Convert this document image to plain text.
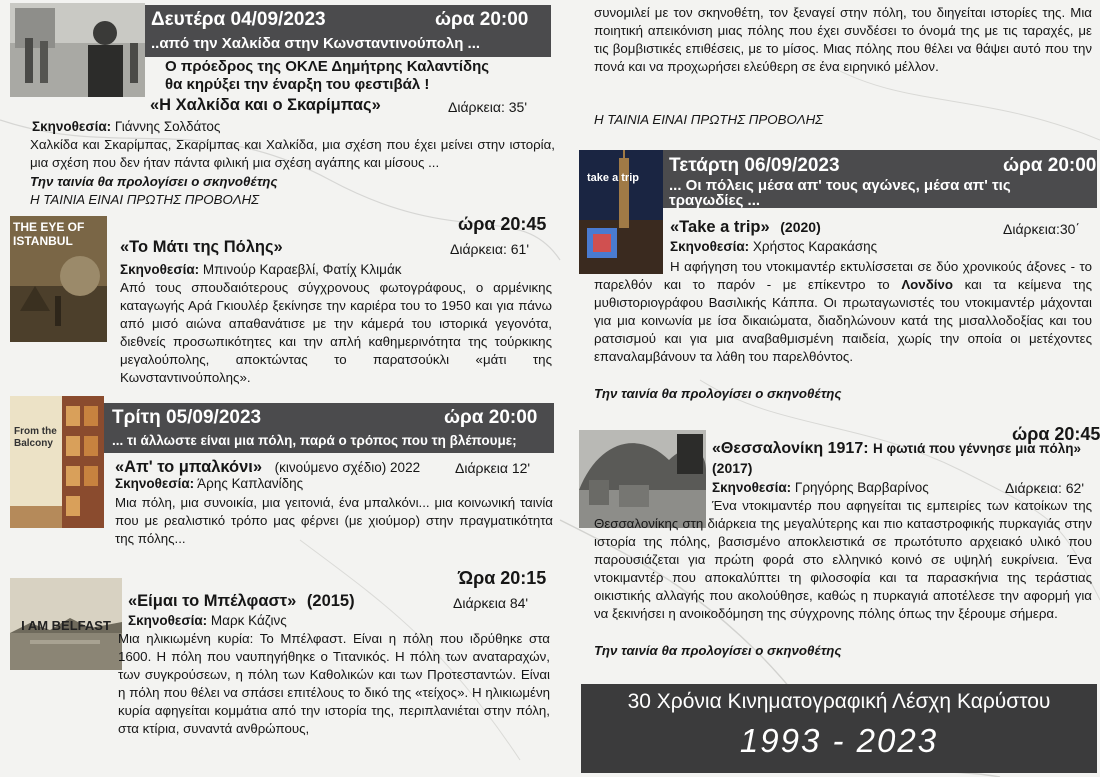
Δευτέρα 04/09/2023	ώρα 20:00
..από την Χαλκίδα στην Κωνσταντινούπολη ...
Ο πρόεδρος της ΟΚΛΕ Δημήτρης Καλαντίδης
θα κηρύξει την έναρξη του φεστιβάλ !
«Η Χαλκίδα και ο Σκαρίμπας»	Διάρκεια: 35'
Σκηνοθεσία: Γιάννης Σολδάτος
Χαλκίδα και Σκαρίμπας, Σκαρίμπας και Χαλκίδα, μια σχέση που έχει μείνει στην ιστορία, μια σχέση που δεν ήταν πάντα φιλική μια σχέση αγάπης και μίσους ...
Την ταινία θα προλογίσει ο σκηνοθέτης
Η ΤΑΙΝΙΑ ΕΙΝΑΙ ΠΡΩΤΗΣ ΠΡΟΒΟΛΗΣ
ώρα 20:45
THE EYE OF ISTANBUL	«Το Μάτι της Πόλης»	Διάρκεια: 61'
Σκηνοθεσία: Μπινούρ Καραεβλί, Φατίχ Κλιμάκ
Από τους σπουδαιότερους σύγχρονους φωτογράφους, ο αρμένικης καταγωγής Αρά Γκιουλέρ ξεκίνησε την καριέρα του το 1950 και για πάνω από μισό αιώνα απαθανάτισε με την κάμερά του ιστορικά γεγονότα, διεθνείς προσωπικότητες και την απλή καθημερινότητα της τούρκικης μεγαλούπολης, αποκτώντας το παρατσούκλι «μάτι της Κωνσταντινούπολης».
From the Balcony
Τρίτη 05/09/2023	ώρα 20:00
... τι άλλωστε είναι μια πόλη, παρά ο τρόπος που τη βλέπουμε;
«Απ' το μπαλκόνι» (κινούμενο σχέδιο) 2022 Διάρκεια 12'
Σκηνοθεσία: Άρης Καπλανίδης
Μια πόλη, μια συνοικία, μια γειτονιά, ένα μπαλκόνι... μια κοινωνική ταινία που με ρεαλιστικό τρόπο μας φέρνει (με χιούμορ) στην πραγματικότητα της πόλης...
Ώρα 20:15
I AM BELFAST
«Είμαι το Μπέλφαστ» (2015)	Διάρκεια 84'
Σκηνοθεσία: Μαρκ Κάζινς
Μια ηλικιωμένη κυρία: Το Μπέλφαστ. Είναι η πόλη που ιδρύθηκε στα 1600. Η πόλη που ναυπηγήθηκε ο Τιτανικός. Η πόλη των αναταραχών, των συγκρούσεων, η πόλη των Καθολικών και των Προτεσταντών. Είναι η πόλη που θέλει να σπάσει επιτέλους το δικό της «τείχος». Η ηλικιωμένη κυρία αφηγείται κομμάτια από την ιστορία της, περιπλανιέται στην πόλη, στα κτίρια, συναντά ανθρώπους,
συνομιλεί με τον σκηνοθέτη, τον ξεναγεί στην πόλη, του διηγείται ιστορίες της. Μια ποιητική απεικόνιση μιας πόλης που έχει συνδέσει το όνομά της με τις ταραχές, με τις βομβιστικές επιθέσεις, με το μίσος. Μιας πόλης που θέλει να θάψει αυτό που την πονά και να προχωρήσει ελεύθερη σε ένα ειρηνικό μέλλον.
Η ΤΑΙΝΙΑ ΕΙΝΑΙ ΠΡΩΤΗΣ ΠΡΟΒΟΛΗΣ
take a trip
Τετάρτη 06/09/2023	ώρα 20:00
... Οι πόλεις μέσα απ' τους αγώνες, μέσα απ' τις τραγωδίες ...
«Take a trip» (2020)	Διάρκεια:30΄
Σκηνοθεσία: Χρήστος Καρακάσης
Η αφήγηση του ντοκιμαντέρ εκτυλίσσεται σε δύο χρονικούς άξονες - το παρελθόν και το παρόν - με επίκεντρο το Λονδίνο και τα κείμενα της μυθιστοριογράφου Βασιλικής Κάππα. Οι πρωταγωνιστές του ντοκιμαντέρ μάχονται για μια κοινωνία με ίσα δικαιώματα, διαδηλώνουν κατά της μισαλλοδοξίας και του ρατσισμού και για μια αναβαθμισμένη παιδεία, χωρίς την οποία οι μετέχοντες επαναλαμβάνουν τα λάθη του παρελθόντος.
Την ταινία θα προλογίσει ο σκηνοθέτης
ώρα 20:45
«Θεσσαλονίκη 1917: Η φωτιά που γέννησε μια πόλη»
(2017)
Σκηνοθεσία: Γρηγόρης Βαρβαρίνος	Διάρκεια: 62'
Ένα ντοκιμαντέρ που αφηγείται τις εμπειρίες των κατοίκων της Θεσσαλονίκης στη διάρκεια της μεγαλύτερης και πιο καταστροφικής πυρκαγιάς στην ιστορία της πόλης, βασισμένο αποκλειστικά σε πρωτότυπο αρχειακό υλικό που παρουσιάζεται για πρώτη φορά στο ελληνικό κοινό σε υψηλή ευκρίνεια. Ένα ντοκιμαντέρ που αποκαλύπτει τη φιλοσοφία και τα παρασκήνια της τεράστιας οικιστικής αλλαγής που ακολούθησε, καθώς η πυρκαγιά αποτέλεσε την αφορμή για να ξεκινήσει η ανοικοδόμηση της σύγχρονης πόλης όπως την ξέρουμε σήμερα.
Την ταινία θα προλογίσει ο σκηνοθέτης
30 Χρόνια Κινηματογραφική Λέσχη Καρύστου
1993 - 2023
